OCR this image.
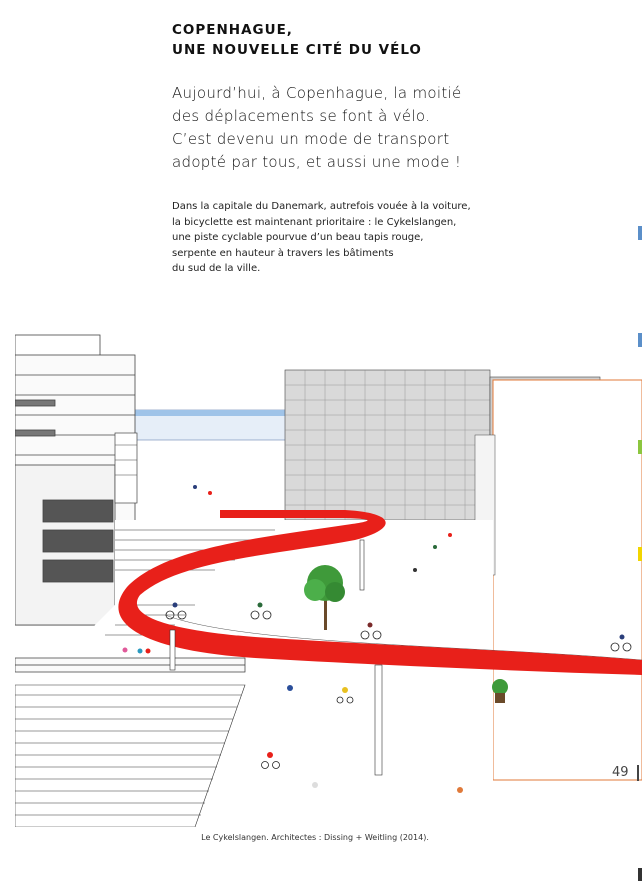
COPENHAGUE,
UNE NOUVELLE CITÉ DU VÉLO
Aujourd’hui, à Copenhague, la moitié
des déplacements se font à vélo.
C’est devenu un mode de transport
adopté par tous, et aussi une mode !
Dans la capitale du Danemark, autrefois vouée à la voiture,
la bicyclette est maintenant prioritaire : le Cykelslangen,
une piste cyclable pourvue d’un beau tapis rouge,
serpente en hauteur à travers les bâtiments
du sud de la ville.
Le Cykelslangen. Architectes : Dissing + Weitling (2014).
49
